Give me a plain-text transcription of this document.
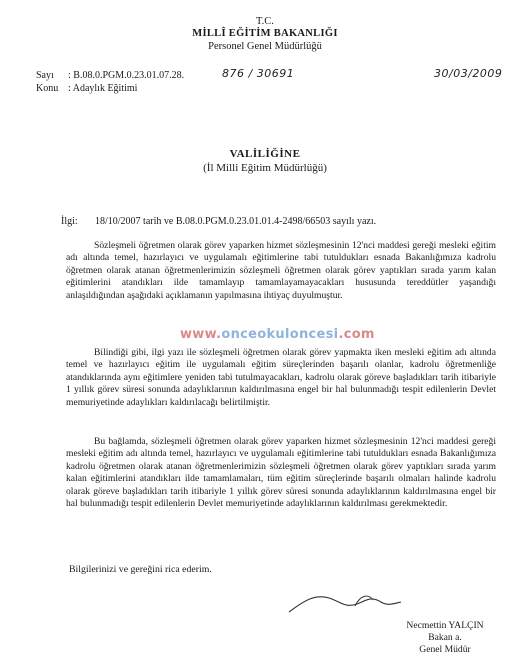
T.C.
MİLLÎ EĞİTİM BAKANLIĞI
Personel Genel Müdürlüğü
Sayı : B.08.0.PGM.0.23.01.07.28.	876 / 30691	30/03/2009
Konu : Adaylık Eğitimi
VALİLİĞİNE
(İl Milli Eğitim Müdürlüğü)
İlgi: 18/10/2007 tarih ve B.08.0.PGM.0.23.01.01.4-2498/66503 sayılı yazı.
Sözleşmeli öğretmen olarak görev yaparken hizmet sözleşmesinin 12'nci maddesi gereği mesleki eğitim adı altında temel, hazırlayıcı ve uygulamalı eğitimlerine tabi tutuldukları esnada Bakanlığımıza kadrolu öğretmen olarak atanan öğretmenlerimizin sözleşmeli öğretmen olarak görev yaptıkları sırada yarım kalan eğitimlerini atandıkları ilde tamamlayıp tamamlayamayacakları hususunda tereddütler yaşandığı anlaşıldığından aşağıdaki açıklamanın yapılmasına ihtiyaç duyulmuştur.
Bilindiği gibi, ilgi yazı ile sözleşmeli öğretmen olarak görev yapmakta iken mesleki eğitim adı altında temel ve hazırlayıcı eğitim ile uygulamalı eğitim süreçlerinden başarılı olanlar, kadrolu öğretmenliğe atandıklarında aynı eğitimlere yeniden tabi tutulmayacakları, kadrolu olarak göreve başladıkları tarih itibariyle 1 yıllık görev süresi sonunda adaylıklarının kaldırılmasına engel bir hal bulunmadığı tespit edilenlerin Devlet memuriyetinde adaylıkları kaldırılacağı belirtilmiştir.
Bu bağlamda, sözleşmeli öğretmen olarak görev yaparken hizmet sözleşmesinin 12'nci maddesi gereği mesleki eğitim adı altında temel, hazırlayıcı ve uygulamalı eğitimlerine tabi tutuldukları esnada Bakanlığımıza kadrolu öğretmen olarak atanan öğretmenlerimizin sözleşmeli öğretmen olarak görev yaptıkları sırada yarım kalan eğitimlerini atandıkları ilde tamamlamaları, tüm eğitim süreçlerinde başarılı olmaları halinde kadrolu olarak göreve başladıkları tarih itibariyle 1 yıllık görev süresi sonunda adaylıklarının kaldırılmasına engel bir hal bulunmadığı tespit edilenlerin Devlet memuriyetinde adaylıklarının kaldırılması gerekmektedir.
Bilgilerinizi ve gereğini rica ederim.
Necmettin YALÇIN
Bakan a.
Genel Müdür
www.onceokuloncesi.com
